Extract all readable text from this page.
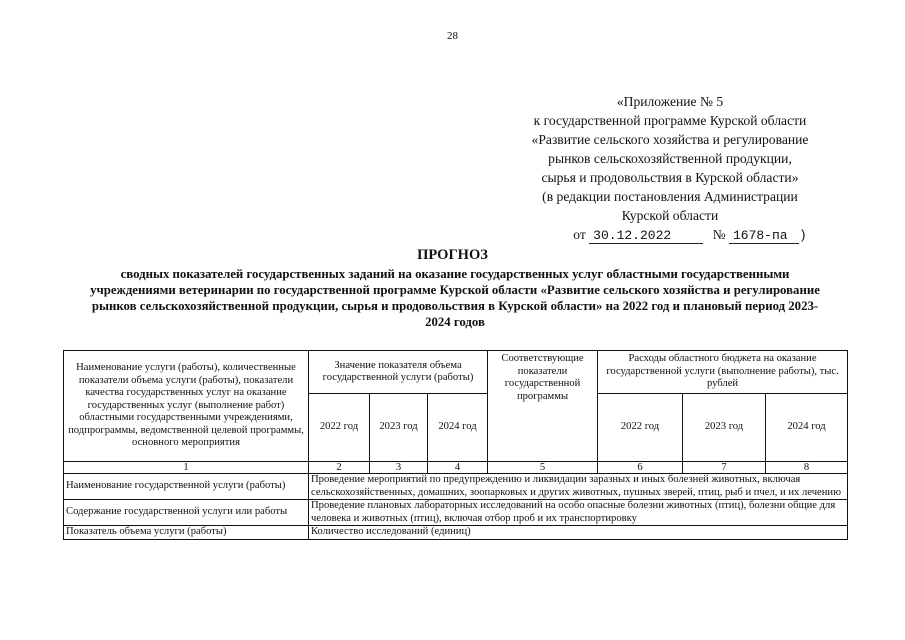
28
«Приложение № 5
к государственной программе Курской области
«Развитие сельского хозяйства и регулирование
рынков сельскохозяйственной продукции,
сырья и продовольствия в Курской области»
(в редакции постановления Администрации
Курской области
от 30.12.2022	№ 1678-па )
ПРОГНОЗ
сводных показателей государственных заданий на оказание государственных услуг областными государственными учреждениями ветеринарии по государственной программе Курской области «Развитие сельского хозяйства и регулирование рынков сельскохозяйственной продукции, сырья и продовольствия в Курской области» на 2022 год и плановый период 2023-2024 годов
Наименование услуги (работы), количественные показатели объема услуги (работы), показатели качества государственных услуг на оказание государственных услуг (выполнение работ) областными государственными учреждениями, подпрограммы, ведомственной целевой программы, основного мероприятия	Значение показателя объема государственной услуги (работы)			Соответствующие показатели государственной программы	Расходы областного бюджета на оказание государственной услуги (выполнение работы), тыс. рублей		
	2022 год	2023 год	2024 год		2022 год	2023 год	2024 год
1	2	3	4	5	6	7	8
Наименование государственной услуги (работы)	Проведение мероприятий по предупреждению и ликвидации заразных и иных болезней животных, включая сельскохозяйственных, домашних, зоопарковых и других животных, пушных зверей, птиц, рыб и пчел, и их лечению						
Содержание государственной услуги или работы	Проведение плановых лабораторных исследований на особо опасные болезни животных (птиц), болезни общие для человека и животных (птиц), включая отбор проб и их транспортировку						
Показатель объема услуги (работы)	Количество исследований (единиц)						
